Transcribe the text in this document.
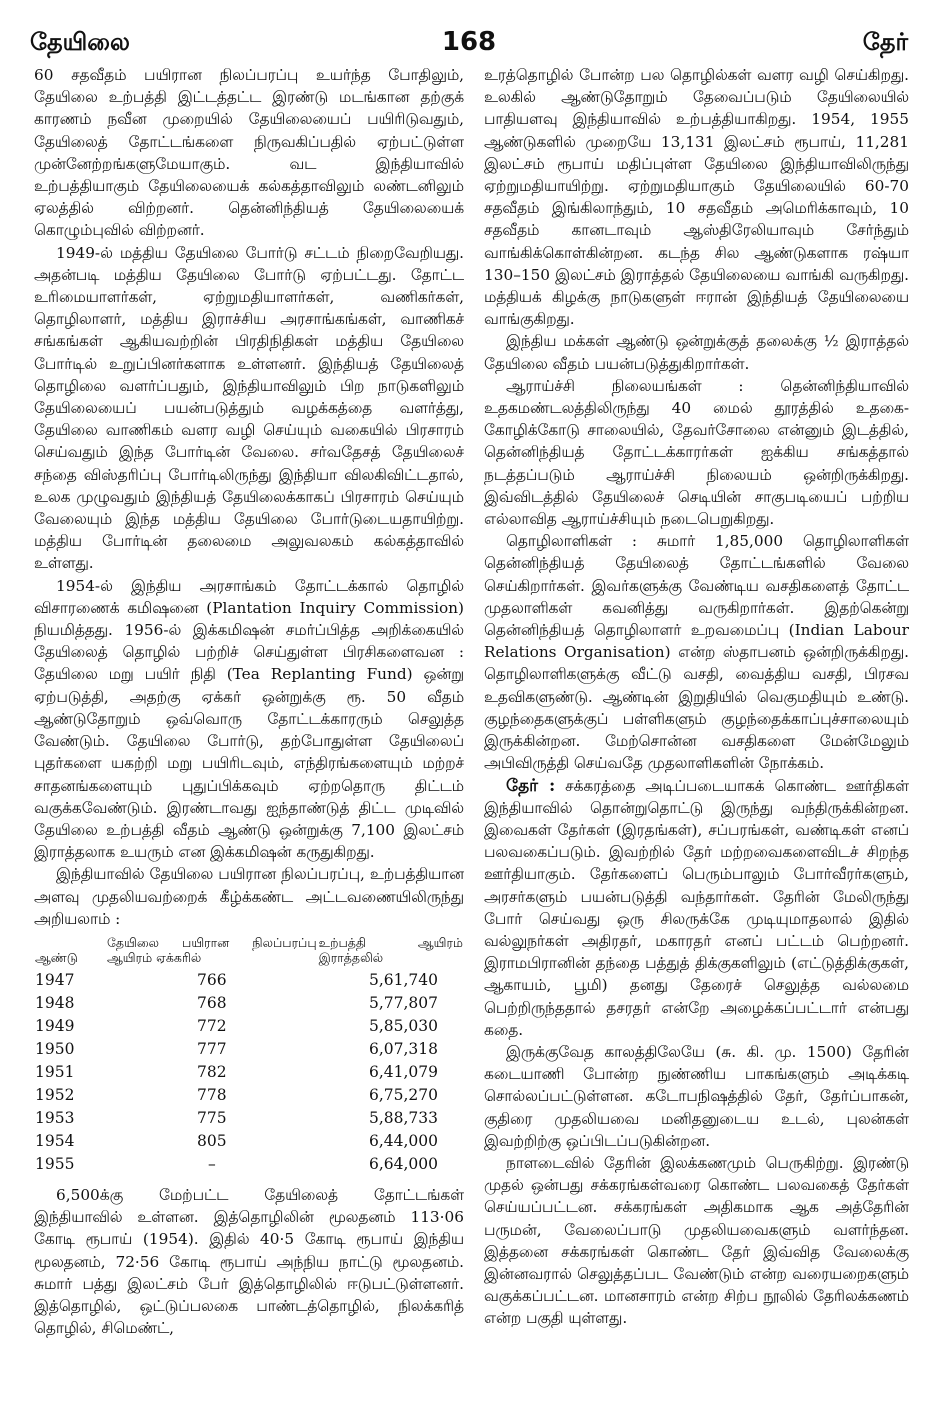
168
தேயிலை	தேர்

60 சதவீதம் பயிரான நிலப்பரப்பு உயர்ந்த போதிலும், தேயிலை உற்பத்தி இட்டத்தட்ட இரண்டு மடங்கான தற்குக் காரணம் நவீன முறையில் தேயிலையைப் பயிரிடுவதும், தேயிலைத் தோட்டங்களை நிருவகிப்பதில் ஏற்பட்டுள்ள முன்னேற்றங்களுமேயாகும். வட இந்தியாவில் உற்பத்தியாகும் தேயிலையைக் கல்கத்தாவிலும் லண்டனிலும் ஏலத்தில் விற்றனர். தென்னிந்தியத் தேயிலையைக் கொழும்புவில் விற்றனர்.

1949-ல் மத்திய தேயிலை போர்டு சட்டம் நிறைவேறியது. அதன்படி மத்திய தேயிலை போர்டு ஏற்பட்டது. தோட்ட உரிமையாளர்கள், ஏற்றுமதியாளர்கள், வணிகர்கள், தொழிலாளர், மத்திய இராச்சிய அரசாங்கங்கள், வாணிகச் சங்கங்கள் ஆகியவற்றின் பிரதிநிதிகள் மத்திய தேயிலை போர்டில் உறுப்பினர்களாக உள்ளனர். இந்தியத் தேயிலைத் தொழிலை வளர்ப்பதும், இந்தியாவிலும் பிற நாடுகளிலும் தேயிலையைப் பயன்படுத்தும் வழக்கத்தை வளர்த்து, தேயிலை வாணிகம் வளர வழி செய்யும் வகையில் பிரசாரம் செய்வதும் இந்த போர்டின் வேலை. சர்வதேசத் தேயிலைச் சந்தை விஸ்தரிப்பு போர்டிலிருந்து இந்தியா விலகிவிட்டதால், உலக முழுவதும் இந்தியத் தேயிலைக்காகப் பிரசாரம் செய்யும் வேலையும் இந்த மத்திய தேயிலை போர்டுடையதாயிற்று. மத்திய போர்டின் தலைமை அலுவலகம் கல்கத்தாவில் உள்ளது.

1954-ல் இந்திய அரசாங்கம் தோட்டக்கால் தொழில் விசாரணைக் கமிஷனை (Plantation Inquiry Commission) நியமித்தது. 1956-ல் இக்கமிஷன் சமர்ப்பித்த அறிக்கையில் தேயிலைத் தொழில் பற்றிச் செய்துள்ள பிரசிகளைவன : தேயிலை மறு பயிர் நிதி (Tea Replanting Fund) ஒன்று ஏற்படுத்தி, அதற்கு ஏக்கர் ஒன்றுக்கு ரூ. 50 வீதம் ஆண்டுதோறும் ஒவ்வொரு தோட்டக்காரரும் செலுத்த வேண்டும். தேயிலை போர்டு, தற்போதுள்ள தேயிலைப் புதர்களை யகற்றி மறு பயிரிடவும், எந்திரங்களையும் மற்றச் சாதனங்களையும் புதுப்பிக்கவும் ஏற்றதொரு திட்டம் வகுக்கவேண்டும். இரண்டாவது ஐந்தாண்டுத் திட்ட முடிவில் தேயிலை உற்பத்தி வீதம் ஆண்டு ஒன்றுக்கு 7,100 இலட்சம் இராத்தலாக உயரும் என இக்கமிஷன் கருதுகிறது.

இந்தியாவில் தேயிலை பயிரான நிலப்பரப்பு, உற்பத்தியான அளவு முதலியவற்றைக் கீழ்க்கண்ட அட்டவணையிலிருந்து அறியலாம் :

ஆண்டு	தேயிலை பயிரான நிலப்பரப்பு ஆயிரம் ஏக்கரில்	உற்பத்தி ஆயிரம் இராத்தலில்
1947	766	5,61,740
1948	768	5,77,807
1949	772	5,85,030
1950	777	6,07,318
1951	782	6,41,079
1952	778	6,75,270
1953	775	5,88,733
1954	805	6,44,000
1955	–	6,64,000

6,500க்கு மேற்பட்ட தேயிலைத் தோட்டங்கள் இந்தியாவில் உள்ளன. இத்தொழிலின் மூலதனம் 113·06 கோடி ரூபாய் (1954). இதில் 40·5 கோடி ரூபாய் இந்திய மூலதனம், 72·56 கோடி ரூபாய் அந்நிய நாட்டு மூலதனம். சுமார் பத்து இலட்சம் பேர் இத்தொழிலில் ஈடுபட்டுள்ளனர். இத்தொழில், ஒட்டுப்பலகை பாண்டத்தொழில், நிலக்கரித் தொழில், சிமெண்ட்,

உரத்தொழில் போன்ற பல தொழில்கள் வளர வழி செய்கிறது. உலகில் ஆண்டுதோறும் தேவைப்படும் தேயிலையில் பாதியளவு இந்தியாவில் உற்பத்தியாகிறது. 1954, 1955 ஆண்டுகளில் முறையே 13,131 இலட்சம் ரூபாய், 11,281 இலட்சம் ரூபாய் மதிப்புள்ள தேயிலை இந்தியாவிலிருந்து ஏற்றுமதியாயிற்று. ஏற்றுமதியாகும் தேயிலையில் 60-70 சதவீதம் இங்கிலாந்தும், 10 சதவீதம் அமெரிக்காவும், 10 சதவீதம் கானடாவும் ஆஸ்திரேலியாவும் சேர்ந்தும் வாங்கிக்கொள்கின்றன. கடந்த சில ஆண்டுகளாக ரஷ்யா 130–150 இலட்சம் இராத்தல் தேயிலையை வாங்கி வருகிறது. மத்தியக் கிழக்கு நாடுகளுள் ஈரான் இந்தியத் தேயிலையை வாங்குகிறது.

இந்திய மக்கள் ஆண்டு ஒன்றுக்குத் தலைக்கு ½ இராத்தல் தேயிலை வீதம் பயன்படுத்துகிறார்கள்.

ஆராய்ச்சி நிலையங்கள் : தென்னிந்தியாவில் உதகமண்டலத்திலிருந்து 40 மைல் தூரத்தில் உதகை-கோழிக்கோடு சாலையில், தேவர்சோலை என்னும் இடத்தில், தென்னிந்தியத் தோட்டக்காரர்கள் ஐக்கிய சங்கத்தால் நடத்தப்படும் ஆராய்ச்சி நிலையம் ஒன்றிருக்கிறது. இவ்விடத்தில் தேயிலைச் செடியின் சாகுபடியைப் பற்றிய எல்லாவித ஆராய்ச்சியும் நடைபெறுகிறது.

தொழிலாளிகள் : சுமார் 1,85,000 தொழிலாளிகள் தென்னிந்தியத் தேயிலைத் தோட்டங்களில் வேலை செய்கிறார்கள். இவர்களுக்கு வேண்டிய வசதிகளைத் தோட்ட முதலாளிகள் கவனித்து வருகிறார்கள். இதற்கென்று தென்னிந்தியத் தொழிலாளர் உறவமைப்பு (Indian Labour Relations Organisation) என்ற ஸ்தாபனம் ஒன்றிருக்கிறது. தொழிலாளிகளுக்கு வீட்டு வசதி, வைத்திய வசதி, பிரசவ உதவிகளுண்டு. ஆண்டின் இறுதியில் வெகுமதியும் உண்டு. குழந்தைகளுக்குப் பள்ளிகளும் குழந்தைக்காப்புச்சாலையும் இருக்கின்றன. மேற்சொன்ன வசதிகளை மேன்மேலும் அபிவிருத்தி செய்வதே முதலாளிகளின் நோக்கம்.

தேர் : சக்கரத்தை அடிப்படையாகக் கொண்ட ஊர்திகள் இந்தியாவில் தொன்றுதொட்டு இருந்து வந்திருக்கின்றன. இவைகள் தேர்கள் (இரதங்கள்), சப்பரங்கள், வண்டிகள் எனப் பலவகைப்படும். இவற்றில் தேர் மற்றவைகளைவிடச் சிறந்த ஊர்தியாகும். தேர்களைப் பெரும்பாலும் போர்வீரர்களும், அரசர்களும் பயன்படுத்தி வந்தார்கள். தேரின் மேலிருந்து போர் செய்வது ஒரு சிலருக்கே முடியுமாதலால் இதில் வல்லுநர்கள் அதிரதர், மகாரதர் எனப் பட்டம் பெற்றனர். இராமபிரானின் தந்தை பத்துத் திக்குகளிலும் (எட்டுத்திக்குகள், ஆகாயம், பூமி) தனது தேரைச் செலுத்த வல்லமை பெற்றிருந்ததால் தசரதர் என்றே அழைக்கப்பட்டார் என்பது கதை.

இருக்குவேத காலத்திலேயே (சு. கி. மு. 1500) தேரின் கடையாணி போன்ற நுண்ணிய பாகங்களும் அடிக்கடி சொல்லப்பட்டுள்ளன. கடோபநிஷத்தில் தேர், தேர்ப்பாகன், குதிரை முதலியவை மனிதனுடைய உடல், புலன்கள் இவற்றிற்கு ஒப்பிடப்படுகின்றன.

நாளடைவில் தேரின் இலக்கணமும் பெருகிற்று. இரண்டு முதல் ஒன்பது சக்கரங்கள்வரை கொண்ட பலவகைத் தேர்கள் செய்யப்பட்டன. சக்கரங்கள் அதிகமாக ஆக அத்தேரின் பருமன், வேலைப்பாடு முதலியவைகளும் வளர்ந்தன. இத்தனை சக்கரங்கள் கொண்ட தேர் இவ்வித வேலைக்கு இன்னவரால் செலுத்தப்பட வேண்டும் என்ற வரையறைகளும் வகுக்கப்பட்டன. மானசாரம் என்ற சிற்ப நூலில் தேரிலக்கணம் என்ற பகுதி யுள்ளது.
